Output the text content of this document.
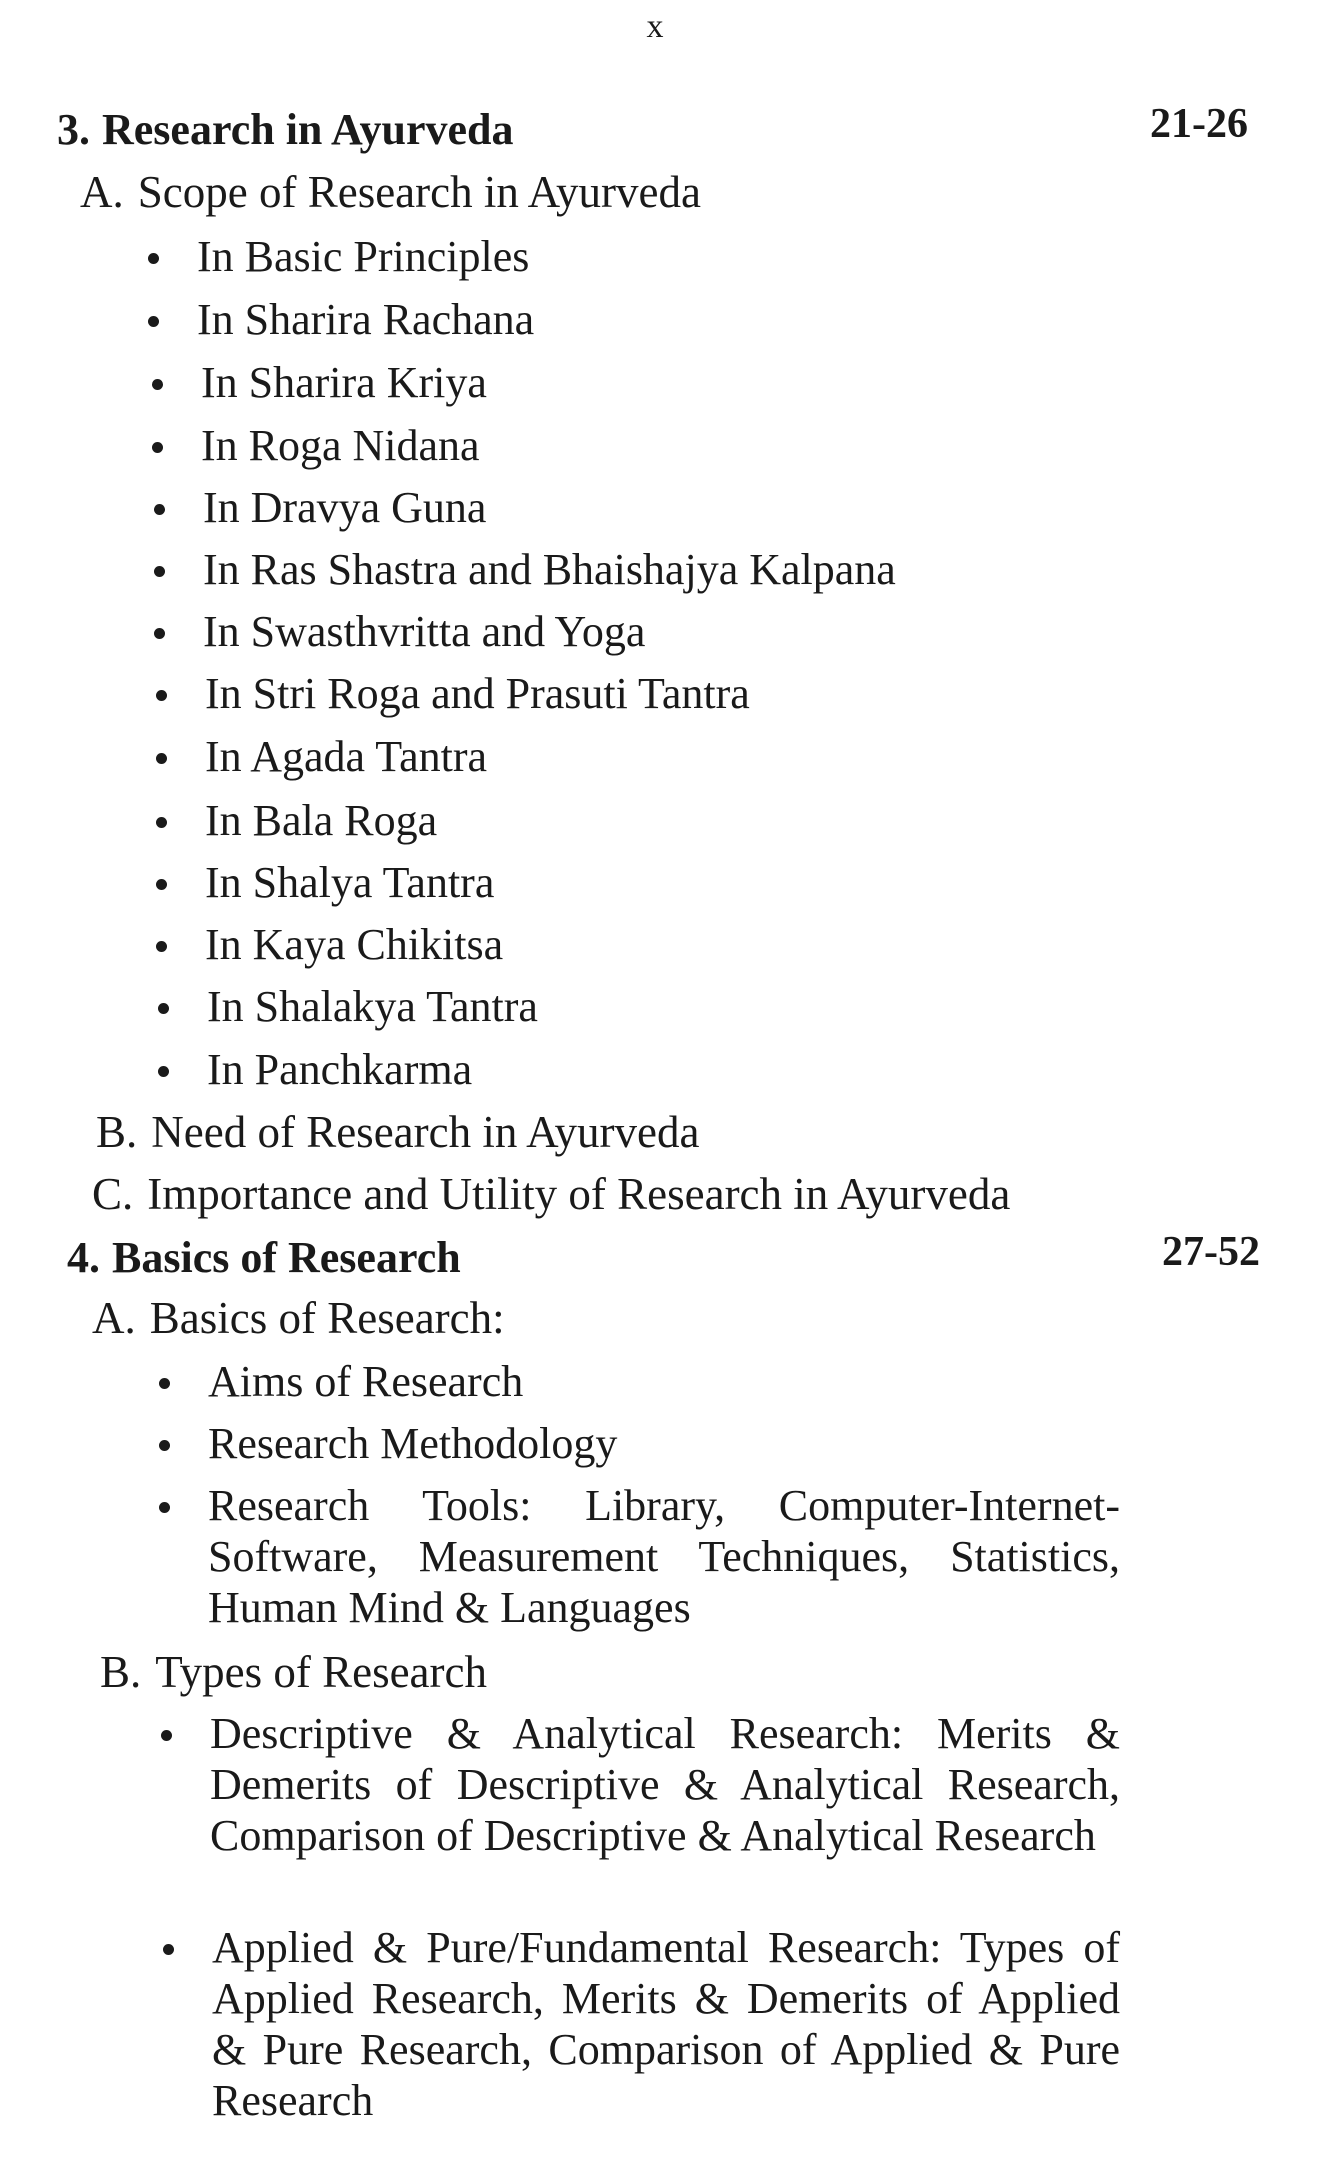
x
3. Research in Ayurveda	21-26
A. Scope of Research in Ayurveda
In Basic Principles
In Sharira Rachana
In Sharira Kriya
In Roga Nidana
In Dravya Guna
In Ras Shastra and Bhaishajya Kalpana
In Swasthvritta and Yoga
In Stri Roga and Prasuti Tantra
In Agada Tantra
In Bala Roga
In Shalya Tantra
In Kaya Chikitsa
In Shalakya Tantra
In Panchkarma
B. Need of Research in Ayurveda
C. Importance and Utility of Research in Ayurveda
4. Basics of Research	27-52
A. Basics of Research:
Aims of Research
Research Methodology
Research Tools: Library, Computer-Internet-Software, Measurement Techniques, Statistics, Human Mind & Languages
B. Types of Research
Descriptive & Analytical Research: Merits & Demerits of Descriptive & Analytical Research, Comparison of Descriptive & Analytical Research
Applied & Pure/Fundamental Research: Types of Applied Research, Merits & Demerits of Applied & Pure Research, Comparison of Applied & Pure Research
